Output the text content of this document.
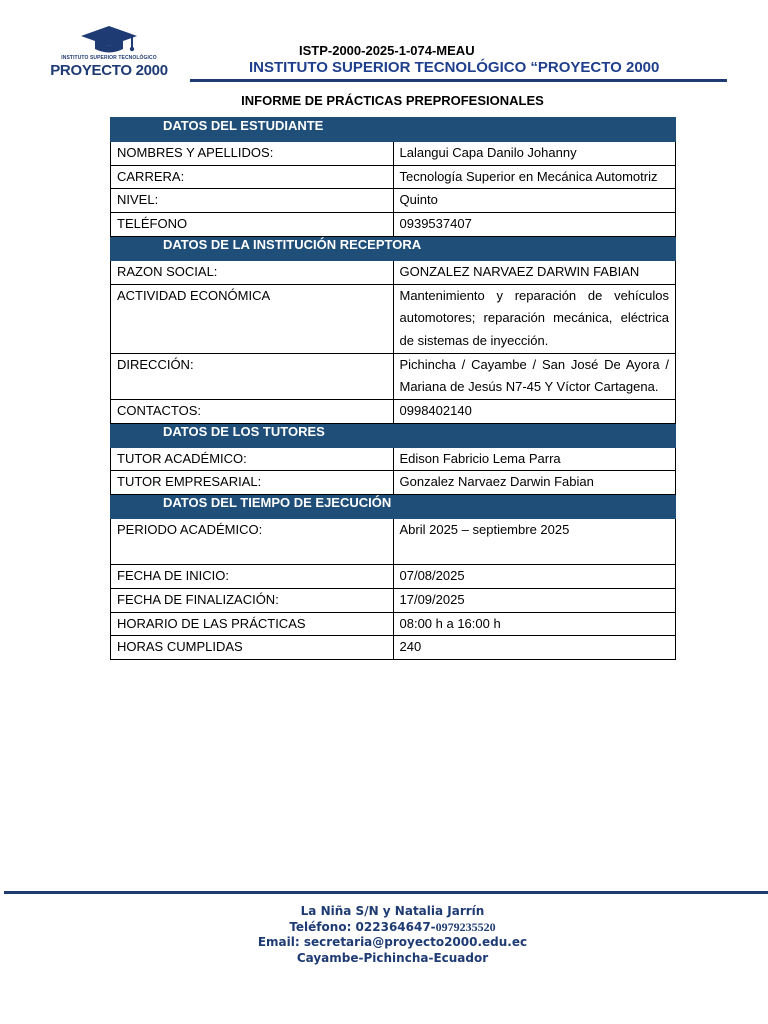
INSTITUTO SUPERIOR TECNOLÓGICO
PROYECTO 2000
ISTP-2000-2025-1-074-MEAU
INSTITUTO SUPERIOR TECNOLÓGICO “PROYECTO 2000
INFORME DE PRÁCTICAS PREPROFESIONALES
DATOS DEL ESTUDIANTE	
NOMBRES Y APELLIDOS:	Lalangui Capa Danilo Johanny
CARRERA:	Tecnología Superior en Mecánica Automotriz
NIVEL:	Quinto
TELÉFONO	0939537407
DATOS DE LA INSTITUCIÓN RECEPTORA	
RAZON SOCIAL:	GONZALEZ NARVAEZ DARWIN FABIAN
ACTIVIDAD ECONÓMICA	Mantenimiento y reparación de vehículos automotores; reparación mecánica, eléctrica de sistemas de inyección.
DIRECCIÓN:	Pichincha / Cayambe / San José De Ayora / Mariana de Jesús N7-45 Y Víctor Cartagena.
CONTACTOS:	0998402140
DATOS DE LOS TUTORES	
TUTOR ACADÉMICO:	Edison Fabricio Lema Parra
TUTOR EMPRESARIAL:	Gonzalez Narvaez Darwin Fabian
DATOS DEL TIEMPO DE EJECUCIÓN	
PERIODO ACADÉMICO:	Abril 2025 – septiembre 2025
FECHA DE INICIO:	07/08/2025
FECHA DE FINALIZACIÓN:	17/09/2025
HORARIO DE LAS PRÁCTICAS	08:00 h a 16:00 h
HORAS CUMPLIDAS	240
La Niña S/N y Natalia Jarrín
Teléfono: 022364647-0979235520
Email: secretaria@proyecto2000.edu.ec
Cayambe-Pichincha-Ecuador
